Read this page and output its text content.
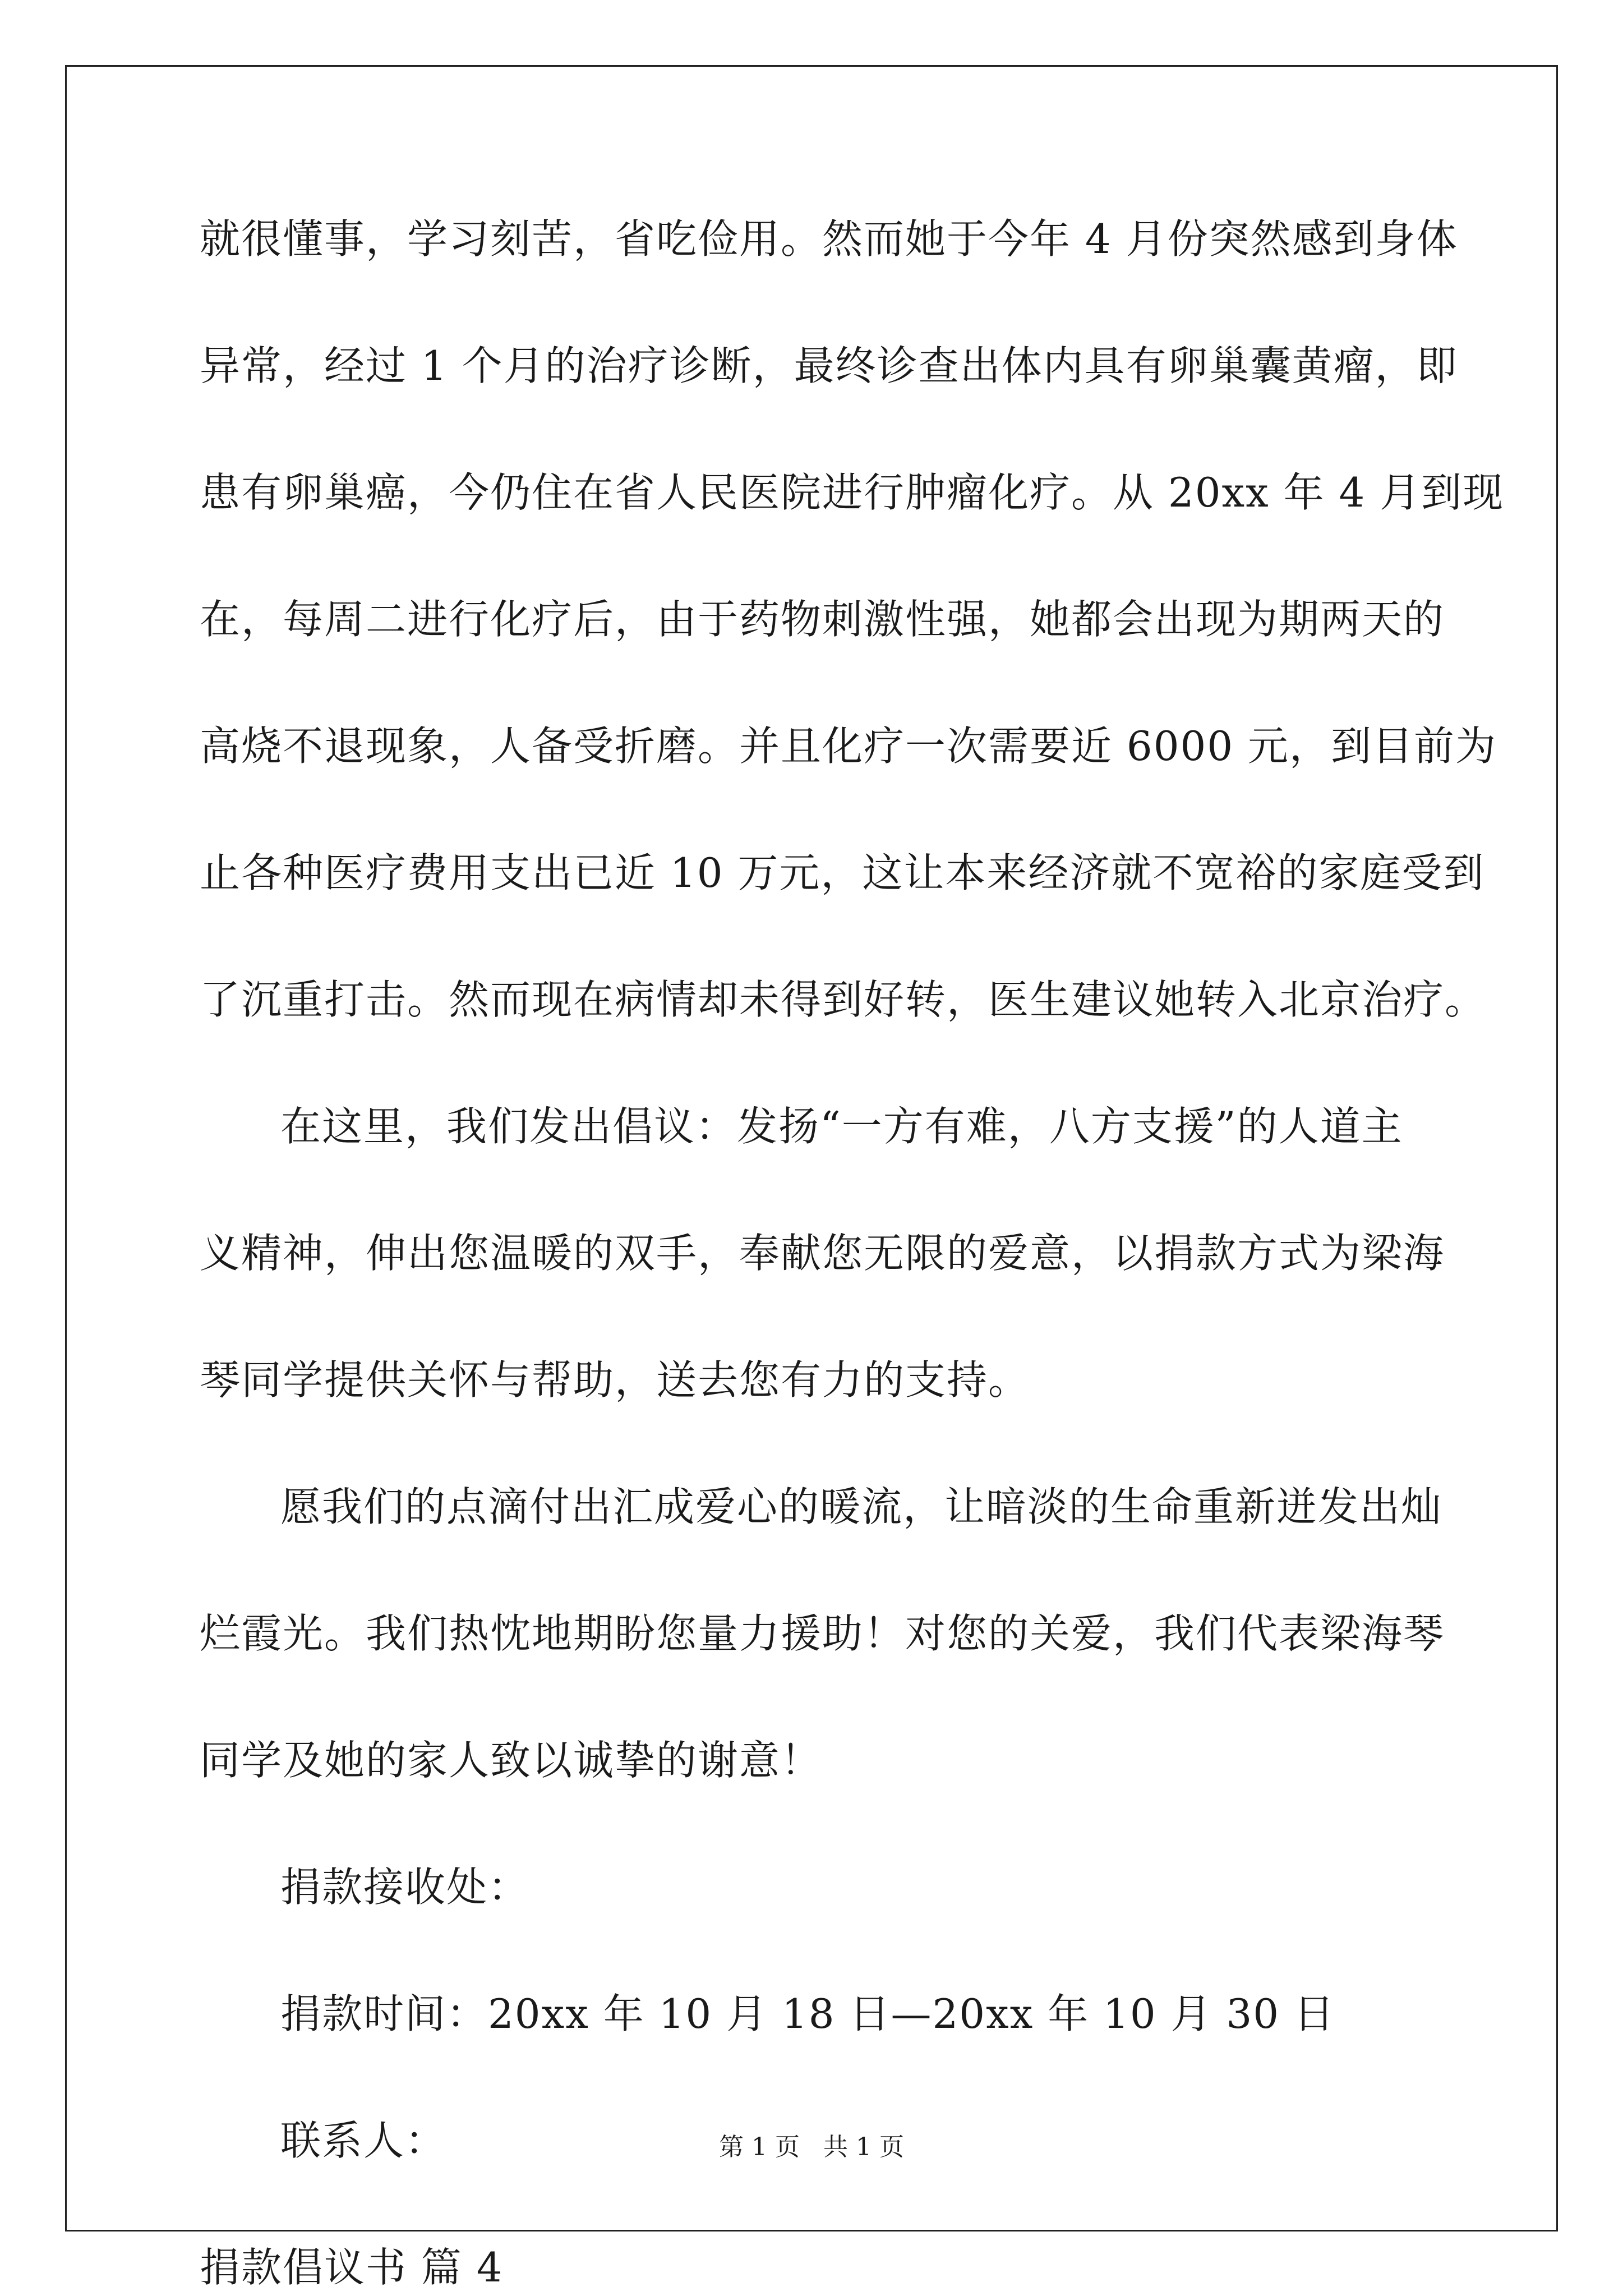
就很懂事，学习刻苦，省吃俭用。然而她于今年 4 月份突然感到身体
异常，经过 1 个月的治疗诊断，最终诊查出体内具有卵巢囊黄瘤，即
患有卵巢癌，今仍住在省人民医院进行肿瘤化疗。从 20xx 年 4 月到现
在，每周二进行化疗后，由于药物刺激性强，她都会出现为期两天的
高烧不退现象，人备受折磨。并且化疗一次需要近 6000 元，到目前为
止各种医疗费用支出已近 10 万元，这让本来经济就不宽裕的家庭受到
了沉重打击。然而现在病情却未得到好转，医生建议她转入北京治疗。
在这里，我们发出倡议：发扬“一方有难，八方支援”的人道主
义精神，伸出您温暖的双手，奉献您无限的爱意，以捐款方式为梁海
琴同学提供关怀与帮助，送去您有力的支持。
愿我们的点滴付出汇成爱心的暖流，让暗淡的生命重新迸发出灿
烂霞光。我们热忱地期盼您量力援助！对您的关爱，我们代表梁海琴
同学及她的家人致以诚挚的谢意！
捐款接收处：
捐款时间：20xx 年 10 月 18 日—20xx 年 10 月 30 日
联系人：
捐款倡议书 篇 4
第 1 页   共 1 页
